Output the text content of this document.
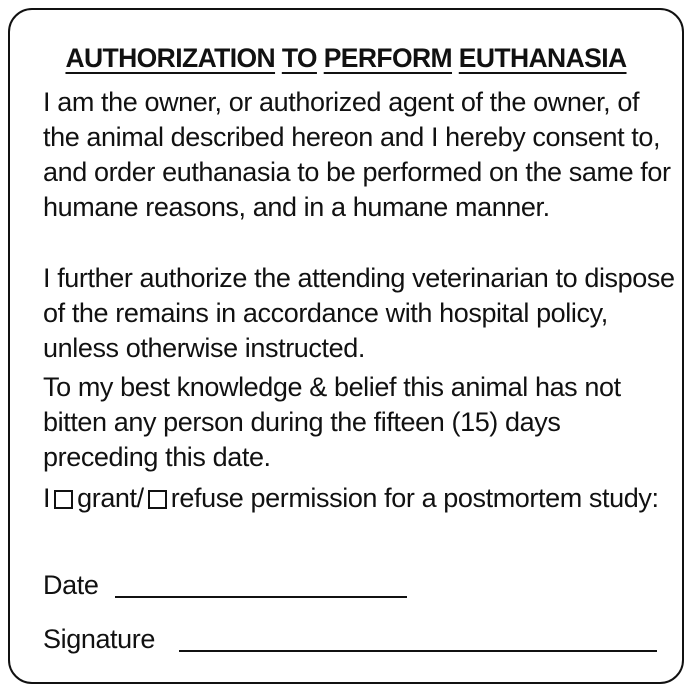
AUTHORIZATION TO PERFORM EUTHANASIA

I am the owner, or authorized agent of the owner, of the animal described hereon and I hereby consent to, and order euthanasia to be performed on the same for humane reasons, and in a humane manner.

I further authorize the attending veterinarian to dispose of the remains in accordance with hospital policy, unless otherwise instructed.

To my best knowledge & belief this animal has not bitten any person during the fifteen (15) days preceding this date.

I grant/ refuse permission for a postmortem study:

Date
Signature
